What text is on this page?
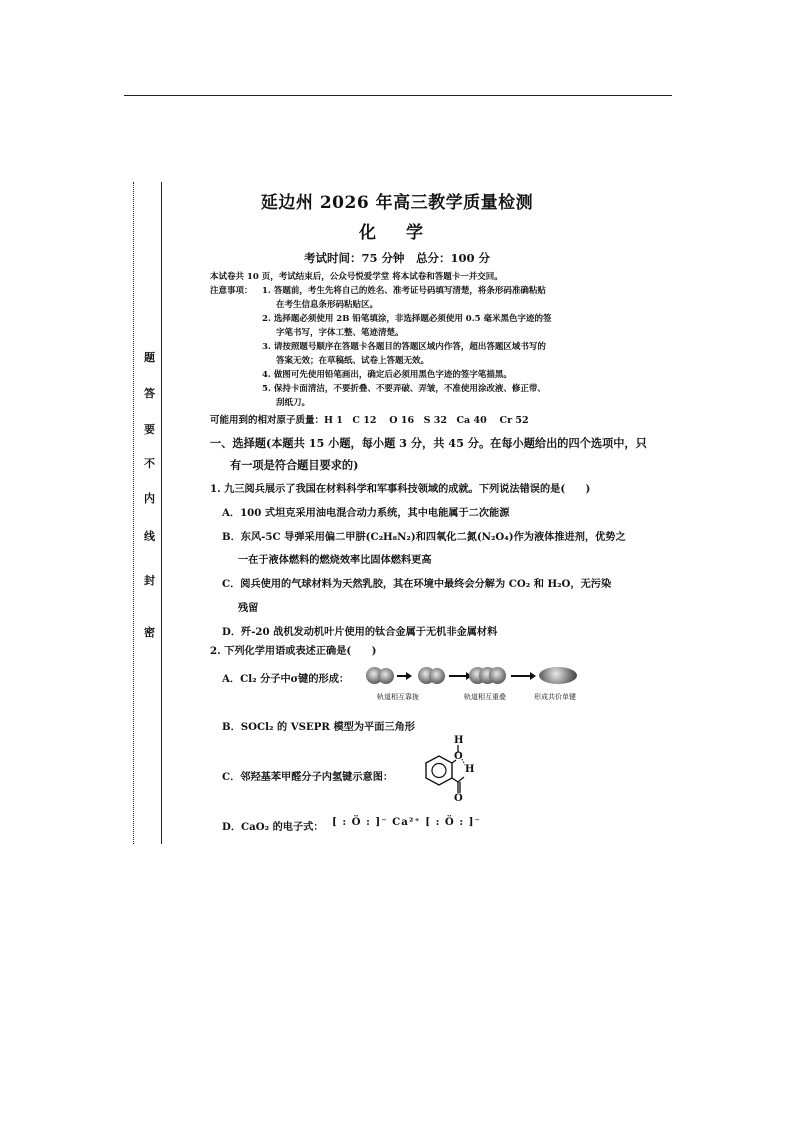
密
封
线
内
不
要
答
题
延边州 2026 年高三教学质量检测
化 学
考试时间：75 分钟　总分：100 分
本试卷共 10 页，考试结束后，公众号悦爱学堂 将本试卷和答题卡一并交回。
注意事项： 1. 答题前，考生先将自己的姓名、准考证号码填写清楚，将条形码准确粘贴
在考生信息条形码粘贴区。
2. 选择题必须使用 2B 铅笔填涂，非选择题必须使用 0.5 毫米黑色字迹的签
字笔书写，字体工整、笔迹清楚。
3. 请按照题号顺序在答题卡各题目的答题区域内作答，超出答题区域书写的
答案无效；在草稿纸、试卷上答题无效。
4. 做图可先使用铅笔画出，确定后必须用黑色字迹的签字笔描黑。
5. 保持卡面清洁，不要折叠、不要弄破、弄皱，不准使用涂改液、修正带、
刮纸刀。
可能用到的相对原子质量：H 1　C 12　 O 16　S 32　Ca 40　 Cr 52
一、选择题(本题共 15 小题，每小题 3 分，共 45 分。在每小题给出的四个选项中，只
有一项是符合题目要求的)
1. 九三阅兵展示了我国在材料科学和军事科技领域的成就。下列说法错误的是(　　)
A．100 式坦克采用油电混合动力系统，其中电能属于二次能源
B．东风-5C 导弹采用偏二甲肼(C₂H₈N₂)和四氧化二氮(N₂O₄)作为液体推进剂，优势之
一在于液体燃料的燃烧效率比固体燃料更高
C．阅兵使用的气球材料为天然乳胶，其在环境中最终会分解为 CO₂ 和 H₂O，无污染
残留
D．歼-20 战机发动机叶片使用的钛合金属于无机非金属材料
2. 下列化学用语或表述正确是(　　)
A．Cl₂ 分子中σ键的形成：
轨道相互靠拢	轨道相互重叠	形成共价单键
B．SOCl₂ 的 VSEPR 模型为平面三角形
C．邻羟基苯甲醛分子内氢键示意图：
H
O
H
O
D．CaO₂ 的电子式： [ : Ö : ]⁻ Ca²⁺ [ : Ö : ]⁻
